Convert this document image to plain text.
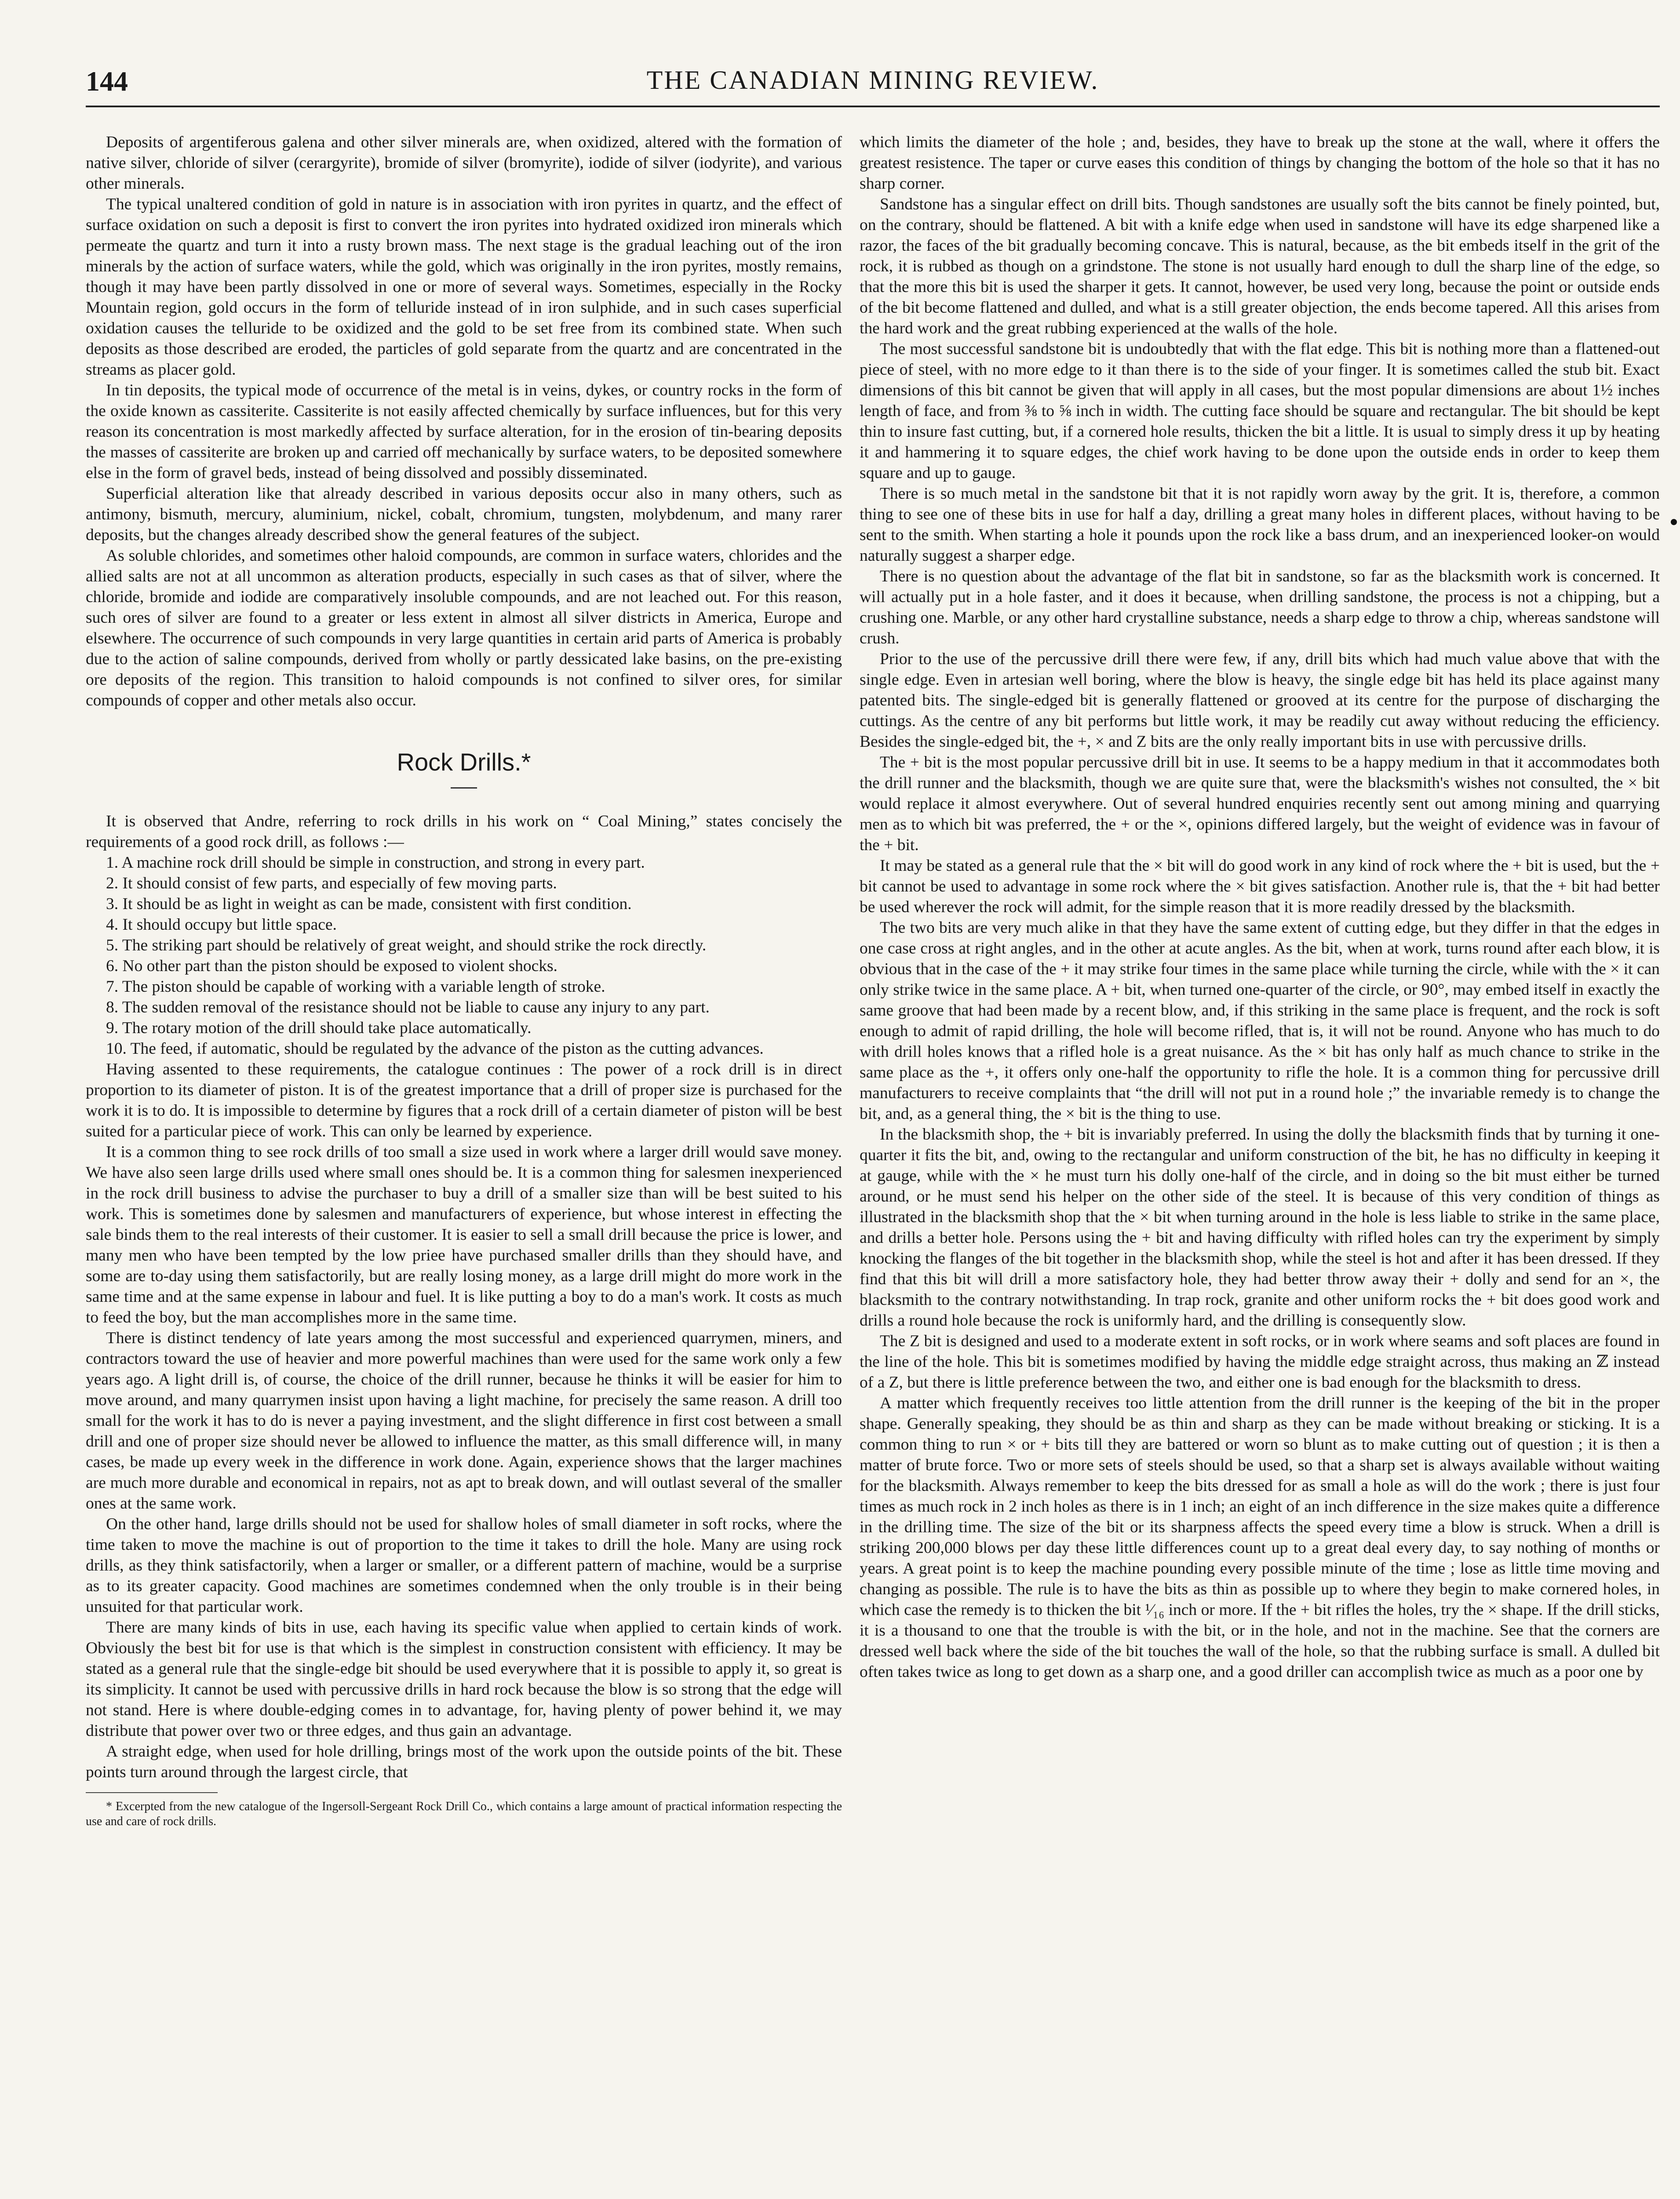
144	THE CANADIAN MINING REVIEW.

Deposits of argentiferous galena and other silver minerals are, when oxidized, altered with the formation of native silver, chloride of silver (cerargyrite), bromide of silver (bromyrite), iodide of silver (iodyrite), and various other minerals.

The typical unaltered condition of gold in nature is in association with iron pyrites in quartz, and the effect of surface oxidation on such a deposit is first to convert the iron pyrites into hydrated oxidized iron minerals which permeate the quartz and turn it into a rusty brown mass. The next stage is the gradual leaching out of the iron minerals by the action of surface waters, while the gold, which was originally in the iron pyrites, mostly remains, though it may have been partly dissolved in one or more of several ways. Sometimes, especially in the Rocky Mountain region, gold occurs in the form of telluride instead of in iron sulphide, and in such cases superficial oxidation causes the telluride to be oxidized and the gold to be set free from its combined state. When such deposits as those described are eroded, the particles of gold separate from the quartz and are concentrated in the streams as placer gold.

In tin deposits, the typical mode of occurrence of the metal is in veins, dykes, or country rocks in the form of the oxide known as cassiterite. Cassiterite is not easily affected chemically by surface influences, but for this very reason its concentration is most markedly affected by surface alteration, for in the erosion of tin-bearing deposits the masses of cassiterite are broken up and carried off mechanically by surface waters, to be deposited somewhere else in the form of gravel beds, instead of being dissolved and possibly disseminated.

Superficial alteration like that already described in various deposits occur also in many others, such as antimony, bismuth, mercury, aluminium, nickel, cobalt, chromium, tungsten, molybdenum, and many rarer deposits, but the changes already described show the general features of the subject.

As soluble chlorides, and sometimes other haloid compounds, are common in surface waters, chlorides and the allied salts are not at all uncommon as alteration products, especially in such cases as that of silver, where the chloride, bromide and iodide are comparatively insoluble compounds, and are not leached out. For this reason, such ores of silver are found to a greater or less extent in almost all silver districts in America, Europe and elsewhere. The occurrence of such compounds in very large quantities in certain arid parts of America is probably due to the action of saline compounds, derived from wholly or partly dessicated lake basins, on the pre-existing ore deposits of the region. This transition to haloid compounds is not confined to silver ores, for similar compounds of copper and other metals also occur.

Rock Drills.*

It is observed that Andre, referring to rock drills in his work on “ Coal Mining,” states concisely the requirements of a good rock drill, as follows :—

1. A machine rock drill should be simple in construction, and strong in every part.

2. It should consist of few parts, and especially of few moving parts.

3. It should be as light in weight as can be made, consistent with first condition.

4. It should occupy but little space.

5. The striking part should be relatively of great weight, and should strike the rock directly.

6. No other part than the piston should be exposed to violent shocks.

7. The piston should be capable of working with a variable length of stroke.

8. The sudden removal of the resistance should not be liable to cause any injury to any part.

9. The rotary motion of the drill should take place automatically.

10. The feed, if automatic, should be regulated by the advance of the piston as the cutting advances.

Having assented to these requirements, the catalogue continues : The power of a rock drill is in direct proportion to its diameter of piston. It is of the greatest importance that a drill of proper size is purchased for the work it is to do. It is impossible to determine by figures that a rock drill of a certain diameter of piston will be best suited for a particular piece of work. This can only be learned by experience.

It is a common thing to see rock drills of too small a size used in work where a larger drill would save money. We have also seen large drills used where small ones should be. It is a common thing for salesmen inexperienced in the rock drill business to advise the purchaser to buy a drill of a smaller size than will be best suited to his work. This is sometimes done by salesmen and manufacturers of experience, but whose interest in effecting the sale binds them to the real interests of their customer. It is easier to sell a small drill because the price is lower, and many men who have been tempted by the low priee have purchased smaller drills than they should have, and some are to-day using them satisfactorily, but are really losing money, as a large drill might do more work in the same time and at the same expense in labour and fuel. It is like putting a boy to do a man's work. It costs as much to feed the boy, but the man accomplishes more in the same time.

There is distinct tendency of late years among the most successful and experienced quarrymen, miners, and contractors toward the use of heavier and more powerful machines than were used for the same work only a few years ago. A light drill is, of course, the choice of the drill runner, because he thinks it will be easier for him to move around, and many quarrymen insist upon having a light machine, for precisely the same reason. A drill too small for the work it has to do is never a paying investment, and the slight difference in first cost between a small drill and one of proper size should never be allowed to influence the matter, as this small difference will, in many cases, be made up every week in the difference in work done. Again, experience shows that the larger machines are much more durable and economical in repairs, not as apt to break down, and will outlast several of the smaller ones at the same work.

On the other hand, large drills should not be used for shallow holes of small diameter in soft rocks, where the time taken to move the machine is out of proportion to the time it takes to drill the hole. Many are using rock drills, as they think satisfactorily, when a larger or smaller, or a different pattern of machine, would be a surprise as to its greater capacity. Good machines are sometimes condemned when the only trouble is in their being unsuited for that particular work.

There are many kinds of bits in use, each having its specific value when applied to certain kinds of work. Obviously the best bit for use is that which is the simplest in construction consistent with efficiency. It may be stated as a general rule that the single-edge bit should be used everywhere that it is possible to apply it, so great is its simplicity. It cannot be used with percussive drills in hard rock because the blow is so strong that the edge will not stand. Here is where double-edging comes in to advantage, for, having plenty of power behind it, we may distribute that power over two or three edges, and thus gain an advantage.

A straight edge, when used for hole drilling, brings most of the work upon the outside points of the bit. These points turn around through the largest circle, that

* Excerpted from the new catalogue of the Ingersoll-Sergeant Rock Drill Co., which contains a large amount of practical information respecting the use and care of rock drills.

which limits the diameter of the hole ; and, besides, they have to break up the stone at the wall, where it offers the greatest resistence. The taper or curve eases this condition of things by changing the bottom of the hole so that it has no sharp corner.

Sandstone has a singular effect on drill bits. Though sandstones are usually soft the bits cannot be finely pointed, but, on the contrary, should be flattened. A bit with a knife edge when used in sandstone will have its edge sharpened like a razor, the faces of the bit gradually becoming concave. This is natural, because, as the bit embeds itself in the grit of the rock, it is rubbed as though on a grindstone. The stone is not usually hard enough to dull the sharp line of the edge, so that the more this bit is used the sharper it gets. It cannot, however, be used very long, because the point or outside ends of the bit become flattened and dulled, and what is a still greater objection, the ends become tapered. All this arises from the hard work and the great rubbing experienced at the walls of the hole.

The most successful sandstone bit is undoubtedly that with the flat edge. This bit is nothing more than a flattened-out piece of steel, with no more edge to it than there is to the side of your finger. It is sometimes called the stub bit. Exact dimensions of this bit cannot be given that will apply in all cases, but the most popular dimensions are about 1½ inches length of face, and from ⅜ to ⅝ inch in width. The cutting face should be square and rectangular. The bit should be kept thin to insure fast cutting, but, if a cornered hole results, thicken the bit a little. It is usual to simply dress it up by heating it and hammering it to square edges, the chief work having to be done upon the outside ends in order to keep them square and up to gauge.

There is so much metal in the sandstone bit that it is not rapidly worn away by the grit. It is, therefore, a common thing to see one of these bits in use for half a day, drilling a great many holes in different places, without having to be sent to the smith. When starting a hole it pounds upon the rock like a bass drum, and an inexperienced looker-on would naturally suggest a sharper edge.

There is no question about the advantage of the flat bit in sandstone, so far as the blacksmith work is concerned. It will actually put in a hole faster, and it does it because, when drilling sandstone, the process is not a chipping, but a crushing one. Marble, or any other hard crystalline substance, needs a sharp edge to throw a chip, whereas sandstone will crush.

Prior to the use of the percussive drill there were few, if any, drill bits which had much value above that with the single edge. Even in artesian well boring, where the blow is heavy, the single edge bit has held its place against many patented bits. The single-edged bit is generally flattened or grooved at its centre for the purpose of discharging the cuttings. As the centre of any bit performs but little work, it may be readily cut away without reducing the efficiency. Besides the single-edged bit, the +, × and Z bits are the only really important bits in use with percussive drills.

The + bit is the most popular percussive drill bit in use. It seems to be a happy medium in that it accommodates both the drill runner and the blacksmith, though we are quite sure that, were the blacksmith's wishes not consulted, the × bit would replace it almost everywhere. Out of several hundred enquiries recently sent out among mining and quarrying men as to which bit was preferred, the + or the ×, opinions differed largely, but the weight of evidence was in favour of the + bit.

It may be stated as a general rule that the × bit will do good work in any kind of rock where the + bit is used, but the + bit cannot be used to advantage in some rock where the × bit gives satisfaction. Another rule is, that the + bit had better be used wherever the rock will admit, for the simple reason that it is more readily dressed by the blacksmith.

The two bits are very much alike in that they have the same extent of cutting edge, but they differ in that the edges in one case cross at right angles, and in the other at acute angles. As the bit, when at work, turns round after each blow, it is obvious that in the case of the + it may strike four times in the same place while turning the circle, while with the × it can only strike twice in the same place. A + bit, when turned one-quarter of the circle, or 90°, may embed itself in exactly the same groove that had been made by a recent blow, and, if this striking in the same place is frequent, and the rock is soft enough to admit of rapid drilling, the hole will become rifled, that is, it will not be round. Anyone who has much to do with drill holes knows that a rifled hole is a great nuisance. As the × bit has only half as much chance to strike in the same place as the +, it offers only one-half the opportunity to rifle the hole. It is a common thing for percussive drill manufacturers to receive complaints that “the drill will not put in a round hole ;” the invariable remedy is to change the bit, and, as a general thing, the × bit is the thing to use.

In the blacksmith shop, the + bit is invariably preferred. In using the dolly the blacksmith finds that by turning it one-quarter it fits the bit, and, owing to the rectangular and uniform construction of the bit, he has no difficulty in keeping it at gauge, while with the × he must turn his dolly one-half of the circle, and in doing so the bit must either be turned around, or he must send his helper on the other side of the steel. It is because of this very condition of things as illustrated in the blacksmith shop that the × bit when turning around in the hole is less liable to strike in the same place, and drills a better hole. Persons using the + bit and having difficulty with rifled holes can try the experiment by simply knocking the flanges of the bit together in the blacksmith shop, while the steel is hot and after it has been dressed. If they find that this bit will drill a more satisfactory hole, they had better throw away their + dolly and send for an ×, the blacksmith to the contrary notwithstanding. In trap rock, granite and other uniform rocks the + bit does good work and drills a round hole because the rock is uniformly hard, and the drilling is consequently slow.

The Z bit is designed and used to a moderate extent in soft rocks, or in work where seams and soft places are found in the line of the hole. This bit is sometimes modified by having the middle edge straight across, thus making an ℤ instead of a Z, but there is little preference between the two, and either one is bad enough for the blacksmith to dress.

A matter which frequently receives too little attention from the drill runner is the keeping of the bit in the proper shape. Generally speaking, they should be as thin and sharp as they can be made without breaking or sticking. It is a common thing to run × or + bits till they are battered or worn so blunt as to make cutting out of question ; it is then a matter of brute force. Two or more sets of steels should be used, so that a sharp set is always available without waiting for the blacksmith. Always remember to keep the bits dressed for as small a hole as will do the work ; there is just four times as much rock in 2 inch holes as there is in 1 inch; an eight of an inch difference in the size makes quite a difference in the drilling time. The size of the bit or its sharpness affects the speed every time a blow is struck. When a drill is striking 200,000 blows per day these little differences count up to a great deal every day, to say nothing of months or years. A great point is to keep the machine pounding every possible minute of the time ; lose as little time moving and changing as possible. The rule is to have the bits as thin as possible up to where they begin to make cornered holes, in which case the remedy is to thicken the bit ¹⁄₁₆ inch or more. If the + bit rifles the holes, try the × shape. If the drill sticks, it is a thousand to one that the trouble is with the bit, or in the hole, and not in the machine. See that the corners are dressed well back where the side of the bit touches the wall of the hole, so that the rubbing surface is small. A dulled bit often takes twice as long to get down as a sharp one, and a good driller can accomplish twice as much as a poor one by
